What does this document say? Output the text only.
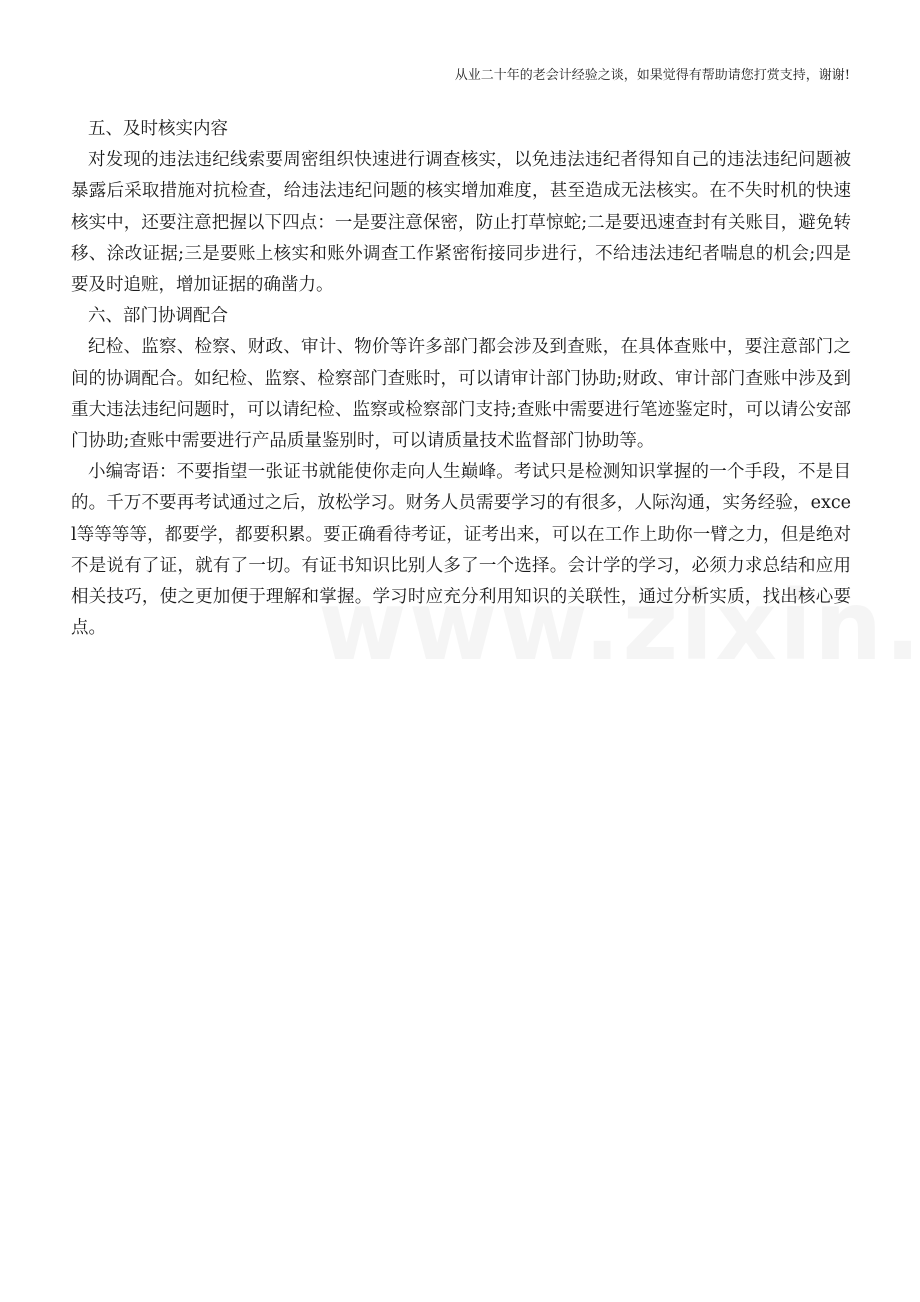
从业二十年的老会计经验之谈，如果觉得有帮助请您打赏支持，谢谢!

五、及时核实内容

对发现的违法违纪线索要周密组织快速进行调查核实，以免违法违纪者得知自己的违法违纪问题被暴露后采取措施对抗检查，给违法违纪问题的核实增加难度，甚至造成无法核实。在不失时机的快速核实中，还要注意把握以下四点：一是要注意保密，防止打草惊蛇;二是要迅速查封有关账目，避免转移、涂改证据;三是要账上核实和账外调查工作紧密衔接同步进行，不给违法违纪者喘息的机会;四是要及时追赃，增加证据的确凿力。

六、部门协调配合

纪检、监察、检察、财政、审计、物价等许多部门都会涉及到查账，在具体查账中，要注意部门之间的协调配合。如纪检、监察、检察部门查账时，可以请审计部门协助;财政、审计部门查账中涉及到重大违法违纪问题时，可以请纪检、监察或检察部门支持;查账中需要进行笔迹鉴定时，可以请公安部门协助;查账中需要进行产品质量鉴别时，可以请质量技术监督部门协助等。

小编寄语：不要指望一张证书就能使你走向人生巅峰。考试只是检测知识掌握的一个手段，不是目的。千万不要再考试通过之后，放松学习。财务人员需要学习的有很多，人际沟通，实务经验，excel等等等等，都要学，都要积累。要正确看待考证，证考出来，可以在工作上助你一臂之力，但是绝对不是说有了证，就有了一切。有证书知识比别人多了一个选择。会计学的学习，必须力求总结和应用相关技巧，使之更加便于理解和掌握。学习时应充分利用知识的关联性，通过分析实质，找出核心要点。
